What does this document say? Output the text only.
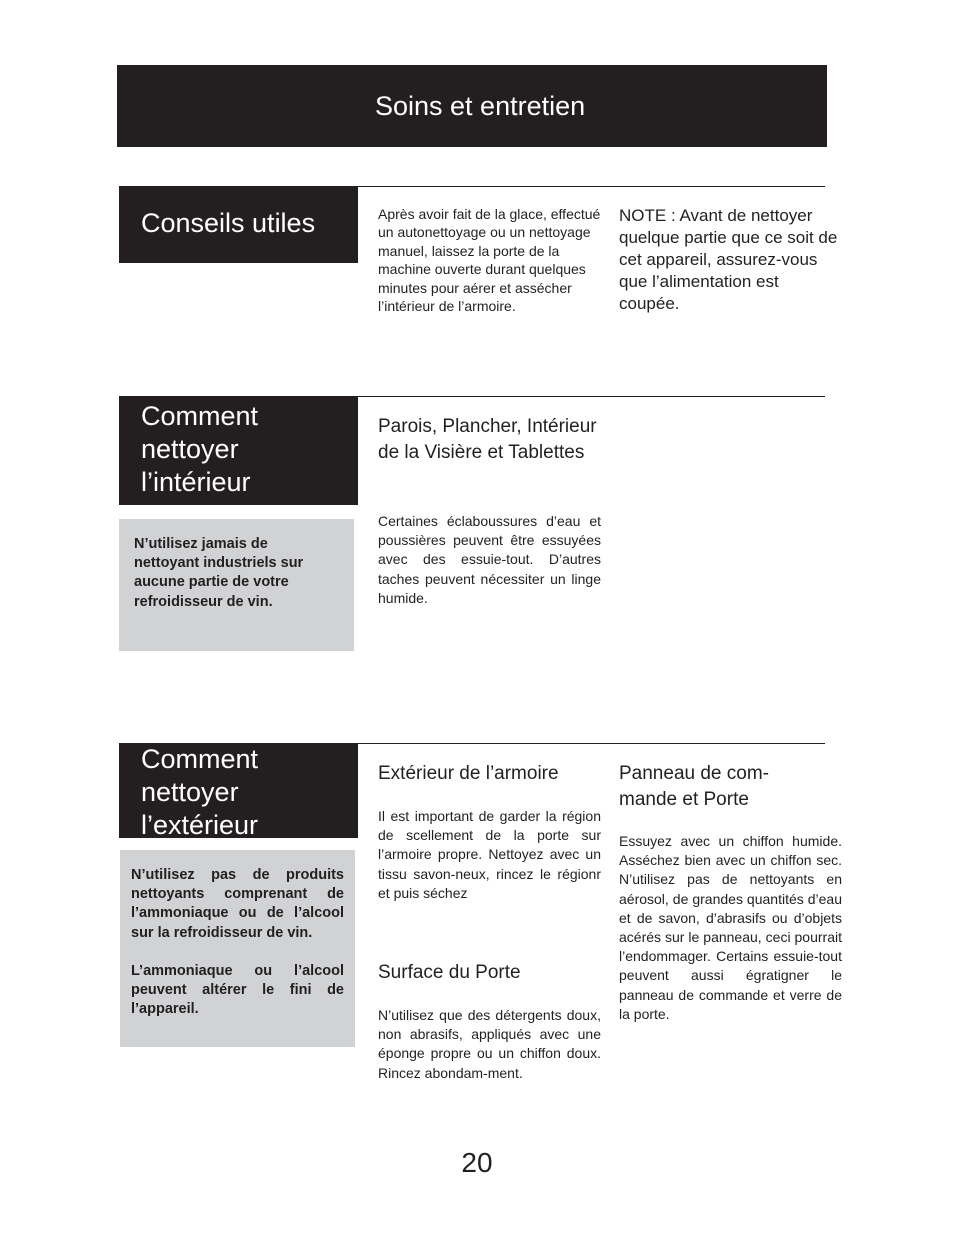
Soins et entretien
Conseils utiles	Après avoir fait de la glace, effectué un autonettoyage ou un nettoyage manuel, laissez la porte de la machine ouverte durant quelques minutes pour aérer et assécher l’intérieur de l’armoire.
NOTE : Avant de nettoyer quelque partie que ce soit de cet appareil, assurez-vous que l’alimentation est coupée.
Comment
nettoyer
l’intérieur

N’utilisez jamais de nettoyant industriels sur aucune partie de votre refroidisseur de vin.

Parois, Plancher, Intérieur de la Visière et Tablettes
Certaines éclaboussures d’eau et poussières peuvent être essuyées avec des essuie-tout. D’autres taches peuvent nécessiter un linge humide.
Comment
nettoyer
l’extérieur

N’utilisez pas de produits nettoyants comprenant de l’ammoniaque ou de l’alcool sur la refroidisseur de vin.

L’ammoniaque ou l’alcool peuvent altérer le fini de l’appareil.

Extérieur de l’armoire
Il est important de garder la région de scellement de la porte sur l’armoire propre. Nettoyez avec un tissu savon-neux, rincez le régionr et puis séchez
Surface du Porte
N’utilisez que des détergents doux, non abrasifs, appliqués avec une éponge propre ou un chiffon doux. Rincez abondam-ment.
Panneau de com-mande et Porte
Essuyez avec un chiffon humide. Asséchez bien avec un chiffon sec. N’utilisez pas de nettoyants en aérosol, de grandes quantités d’eau et de savon, d’abrasifs ou d’objets acérés sur le panneau, ceci pourrait l’endommager. Certains essuie-tout peuvent aussi égratigner le panneau de commande et verre de la porte.
20
